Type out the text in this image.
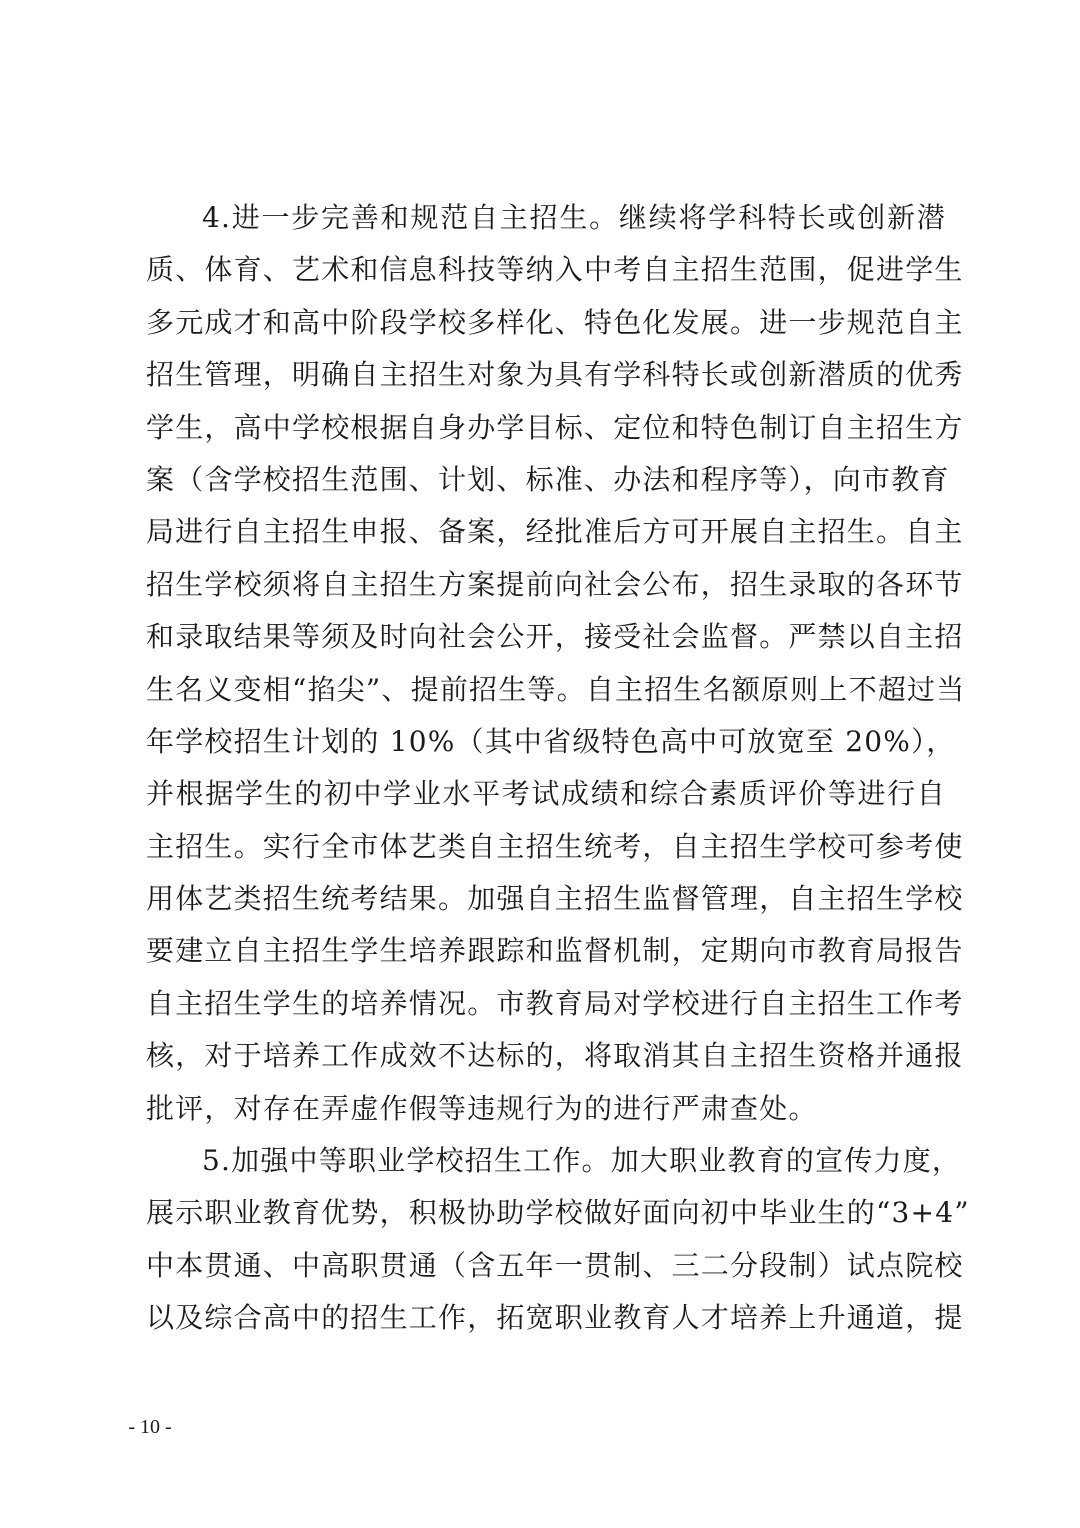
4.进一步完善和规范自主招生。继续将学科特长或创新潜
质、体育、艺术和信息科技等纳入中考自主招生范围，促进学生
多元成才和高中阶段学校多样化、特色化发展。进一步规范自主
招生管理，明确自主招生对象为具有学科特长或创新潜质的优秀
学生，高中学校根据自身办学目标、定位和特色制订自主招生方
案（含学校招生范围、计划、标准、办法和程序等），向市教育
局进行自主招生申报、备案，经批准后方可开展自主招生。自主
招生学校须将自主招生方案提前向社会公布，招生录取的各环节
和录取结果等须及时向社会公开，接受社会监督。严禁以自主招
生名义变相“掐尖”、提前招生等。自主招生名额原则上不超过当
年学校招生计划的 10%（其中省级特色高中可放宽至 20%），
并根据学生的初中学业水平考试成绩和综合素质评价等进行自
主招生。实行全市体艺类自主招生统考，自主招生学校可参考使
用体艺类招生统考结果。加强自主招生监督管理，自主招生学校
要建立自主招生学生培养跟踪和监督机制，定期向市教育局报告
自主招生学生的培养情况。市教育局对学校进行自主招生工作考
核，对于培养工作成效不达标的，将取消其自主招生资格并通报
批评，对存在弄虚作假等违规行为的进行严肃查处。
5.加强中等职业学校招生工作。加大职业教育的宣传力度，
展示职业教育优势，积极协助学校做好面向初中毕业生的“3+4”
中本贯通、中高职贯通（含五年一贯制、三二分段制）试点院校
以及综合高中的招生工作，拓宽职业教育人才培养上升通道，提
- 10 -
